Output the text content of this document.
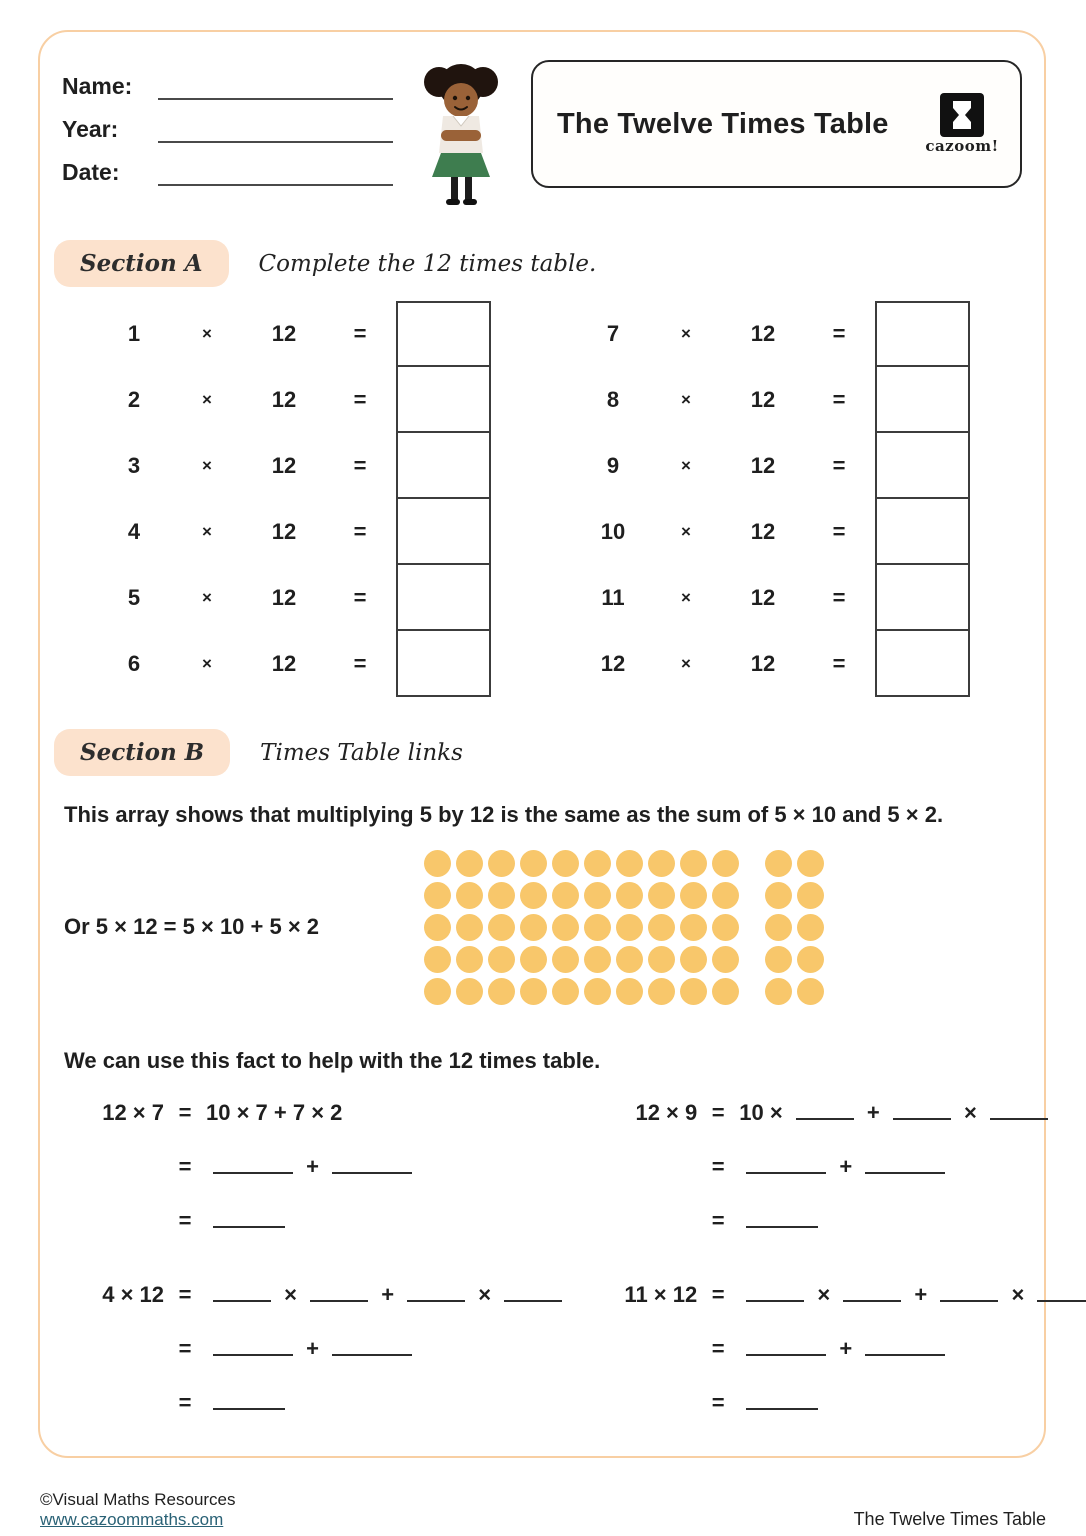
Name:
Year:
Date:
The Twelve Times Table
cazoom!
Section A	Complete the 12 times table.
1	×	12	=
2	×	12	=
3	×	12	=
4	×	12	=
5	×	12	=
6	×	12	=
7	×	12	=
8	×	12	=
9	×	12	=
10	×	12	=
11	×	12	=
12	×	12	=
Section B	Times Table links

This array shows that multiplying 5 by 12 is the same as the sum of 5 × 10 and 5 × 2.

Or 5 × 12 = 5 × 10 + 5 × 2

We can use this fact to help with the 12 times table.

12 × 7 = 10 × 7 + 7 × 2
=	+
=
12 × 9 = 10 ×	+	×
=	+
=
4 × 12 =	×	+	×
=	+
=
11 × 12 =	×	+	×
=	+
=
©Visual Maths Resources
www.cazoommaths.com	The Twelve Times Table
